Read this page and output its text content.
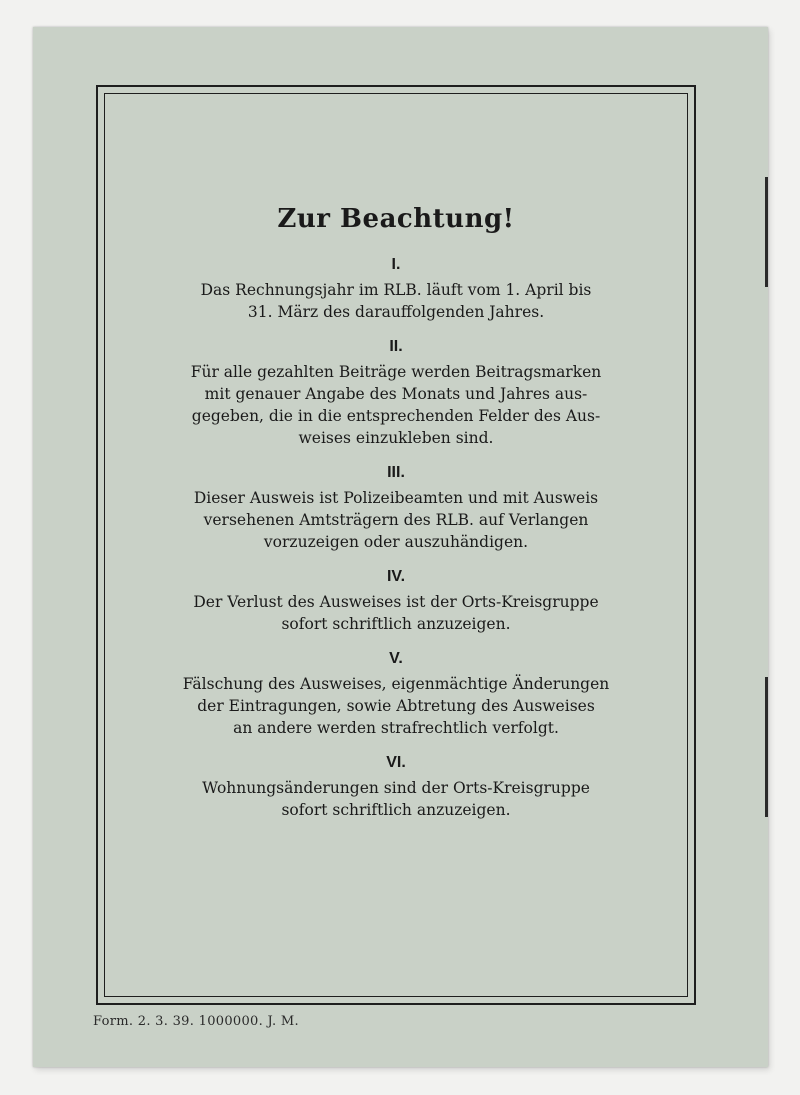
Zur Beachtung!
I.
Das Rechnungsjahr im RLB. läuft vom 1. April bis
31. März des darauffolgenden Jahres.
II.
Für alle gezahlten Beiträge werden Beitragsmarken
mit genauer Angabe des Monats und Jahres aus-
gegeben, die in die entsprechenden Felder des Aus-
weises einzukleben sind.
III.
Dieser Ausweis ist Polizeibeamten und mit Ausweis
versehenen Amtsträgern des RLB. auf Verlangen
vorzuzeigen oder auszuhändigen.
IV.
Der Verlust des Ausweises ist der Orts-Kreisgruppe
sofort schriftlich anzuzeigen.
V.
Fälschung des Ausweises, eigenmächtige Änderungen
der Eintragungen, sowie Abtretung des Ausweises
an andere werden strafrechtlich verfolgt.
VI.
Wohnungsänderungen sind der Orts-Kreisgruppe
sofort schriftlich anzuzeigen.
Form. 2. 3. 39. 1000000. J. M.
